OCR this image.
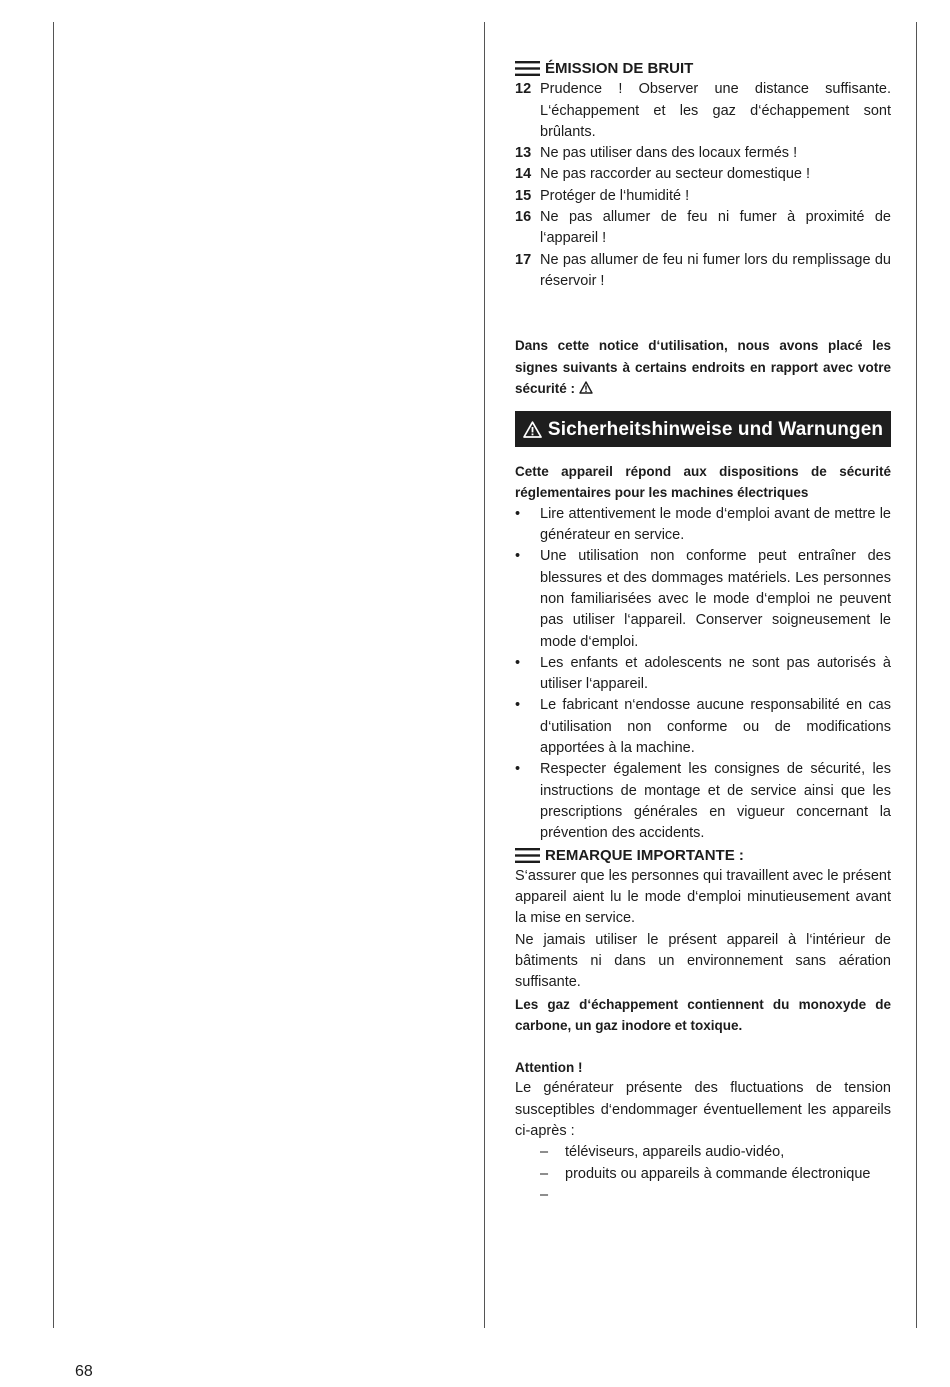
ÉMISSION DE BRUIT
12 Prudence ! Observer une distance suffisante. L‘échappement et les gaz d‘échappement sont brûlants.
13 Ne pas utiliser dans des locaux fermés !
14 Ne pas raccorder au secteur domestique !
15 Protéger de l‘humidité !
16 Ne pas allumer de feu ni fumer à proximité de l‘appareil !
17 Ne pas allumer de feu ni fumer lors du remplissage du réservoir !
Dans cette notice d‘utilisation, nous avons placé les signes suivants à certains endroits en rapport avec votre sécurité :
Sicherheitshinweise und Warnungen
Cette appareil répond aux dispositions de sécurité réglementaires pour les machines électriques
•	Lire attentivement le mode d‘emploi avant de mettre le générateur en service.
•	Une utilisation non conforme peut entraîner des blessures et des dommages matériels. Les personnes non familiarisées avec le mode d‘emploi ne peuvent pas utiliser l‘appareil. Conserver soigneusement le mode d‘emploi.
•	Les enfants et adolescents ne sont pas autorisés à utiliser l‘appareil.
•	Le fabricant n‘endosse aucune responsabilité en cas d‘utilisation non conforme ou de modifications apportées à la machine.
•	Respecter également les consignes de sécurité, les instructions de montage et de service ainsi que les prescriptions générales en vigueur concernant la prévention des accidents.
REMARQUE IMPORTANTE :
S‘assurer que les personnes qui travaillent avec le présent appareil aient lu le mode d‘emploi minutieusement avant la mise en service.
Ne jamais utiliser le présent appareil à l‘intérieur de bâtiments ni dans un environnement sans aération suffisante.
Les gaz d‘échappement contiennent du monoxyde de carbone, un gaz inodore et toxique.
Attention !
Le générateur présente des fluctuations de tension susceptibles d‘endommager éventuellement les appareils ci-après :
–	téléviseurs, appareils audio-vidéo,
–	produits ou appareils à commande électronique
–
68
